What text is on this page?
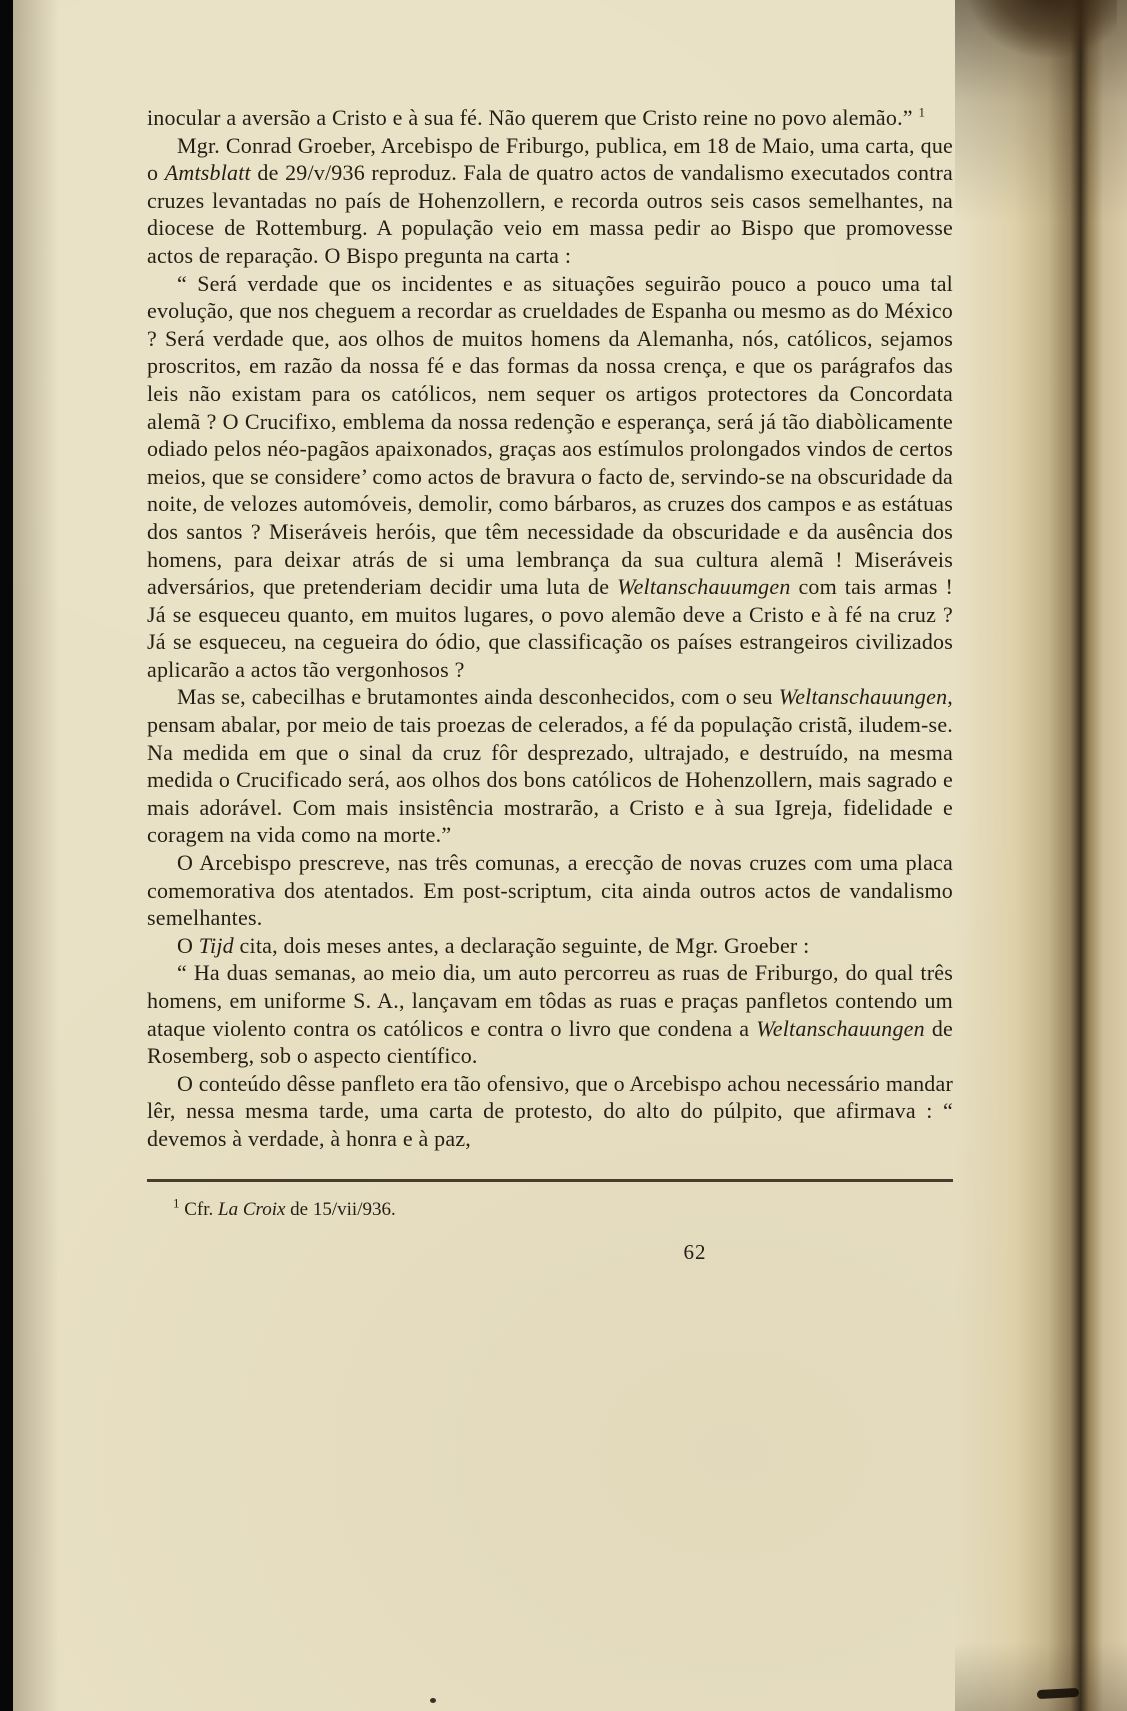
inocular a aversão a Cristo e à sua fé. Não querem que Cristo reine no povo alemão.” $^1$

Mgr. Conrad Groeber, Arcebispo de Friburgo, publica, em 18 de Maio, uma carta, que o Amtsblatt de 29/v/936 reproduz. Fala de quatro actos de vandalismo executados contra cruzes levantadas no país de Hohenzollern, e recorda outros seis casos semelhantes, na diocese de Rottemburg. A população veio em massa pedir ao Bispo que promovesse actos de reparação. O Bispo pregunta na carta :

“ Será verdade que os incidentes e as situações seguirão pouco a pouco uma tal evolução, que nos cheguem a recordar as crueldades de Espanha ou mesmo as do México ? Será verdade que, aos olhos de muitos homens da Alemanha, nós, católicos, sejamos proscritos, em razão da nossa fé e das formas da nossa crença, e que os parágrafos das leis não existam para os católicos, nem sequer os artigos protectores da Concordata alemã ? O Crucifixo, emblema da nossa redenção e esperança, será já tão diabòlicamente odiado pelos néo-pagãos apaixonados, graças aos estímulos prolongados vindos de certos meios, que se considere’ como actos de bravura o facto de, servindo-se na obscuridade da noite, de velozes automóveis, demolir, como bárbaros, as cruzes dos campos e as estátuas dos santos ? Miseráveis heróis, que têm necessidade da obscuridade e da ausência dos homens, para deixar atrás de si uma lembrança da sua cultura alemã ! Miseráveis adversários, que pretenderiam decidir uma luta de Weltanschauumgen com tais armas ! Já se esqueceu quanto, em muitos lugares, o povo alemão deve a Cristo e à fé na cruz ? Já se esqueceu, na cegueira do ódio, que classificação os países estrangeiros civilizados aplicarão a actos tão vergonhosos ?

Mas se, cabecilhas e brutamontes ainda desconhecidos, com o seu Weltanschauungen, pensam abalar, por meio de tais proezas de celerados, a fé da população cristã, iludem-se. Na medida em que o sinal da cruz fôr desprezado, ultrajado, e destruído, na mesma medida o Crucificado será, aos olhos dos bons católicos de Hohenzollern, mais sagrado e mais adorável. Com mais insistência mostrarão, a Cristo e à sua Igreja, fidelidade e coragem na vida como na morte.”

O Arcebispo prescreve, nas três comunas, a erecção de novas cruzes com uma placa comemorativa dos atentados. Em post-scriptum, cita ainda outros actos de vandalismo semelhantes.

O Tijd cita, dois meses antes, a declaração seguinte, de Mgr. Groeber :

“ Ha duas semanas, ao meio dia, um auto percorreu as ruas de Friburgo, do qual três homens, em uniforme S. A., lançavam em tôdas as ruas e praças panfletos contendo um ataque violento contra os católicos e contra o livro que condena a Weltanschauungen de Rosemberg, sob o aspecto científico.

O conteúdo dêsse panfleto era tão ofensivo, que o Arcebispo achou necessário mandar lêr, nessa mesma tarde, uma carta de protesto, do alto do púlpito, que afirmava : “ devemos à verdade, à honra e à paz,

$^1$ Cfr. La Croix de 15/vii/936.

62
